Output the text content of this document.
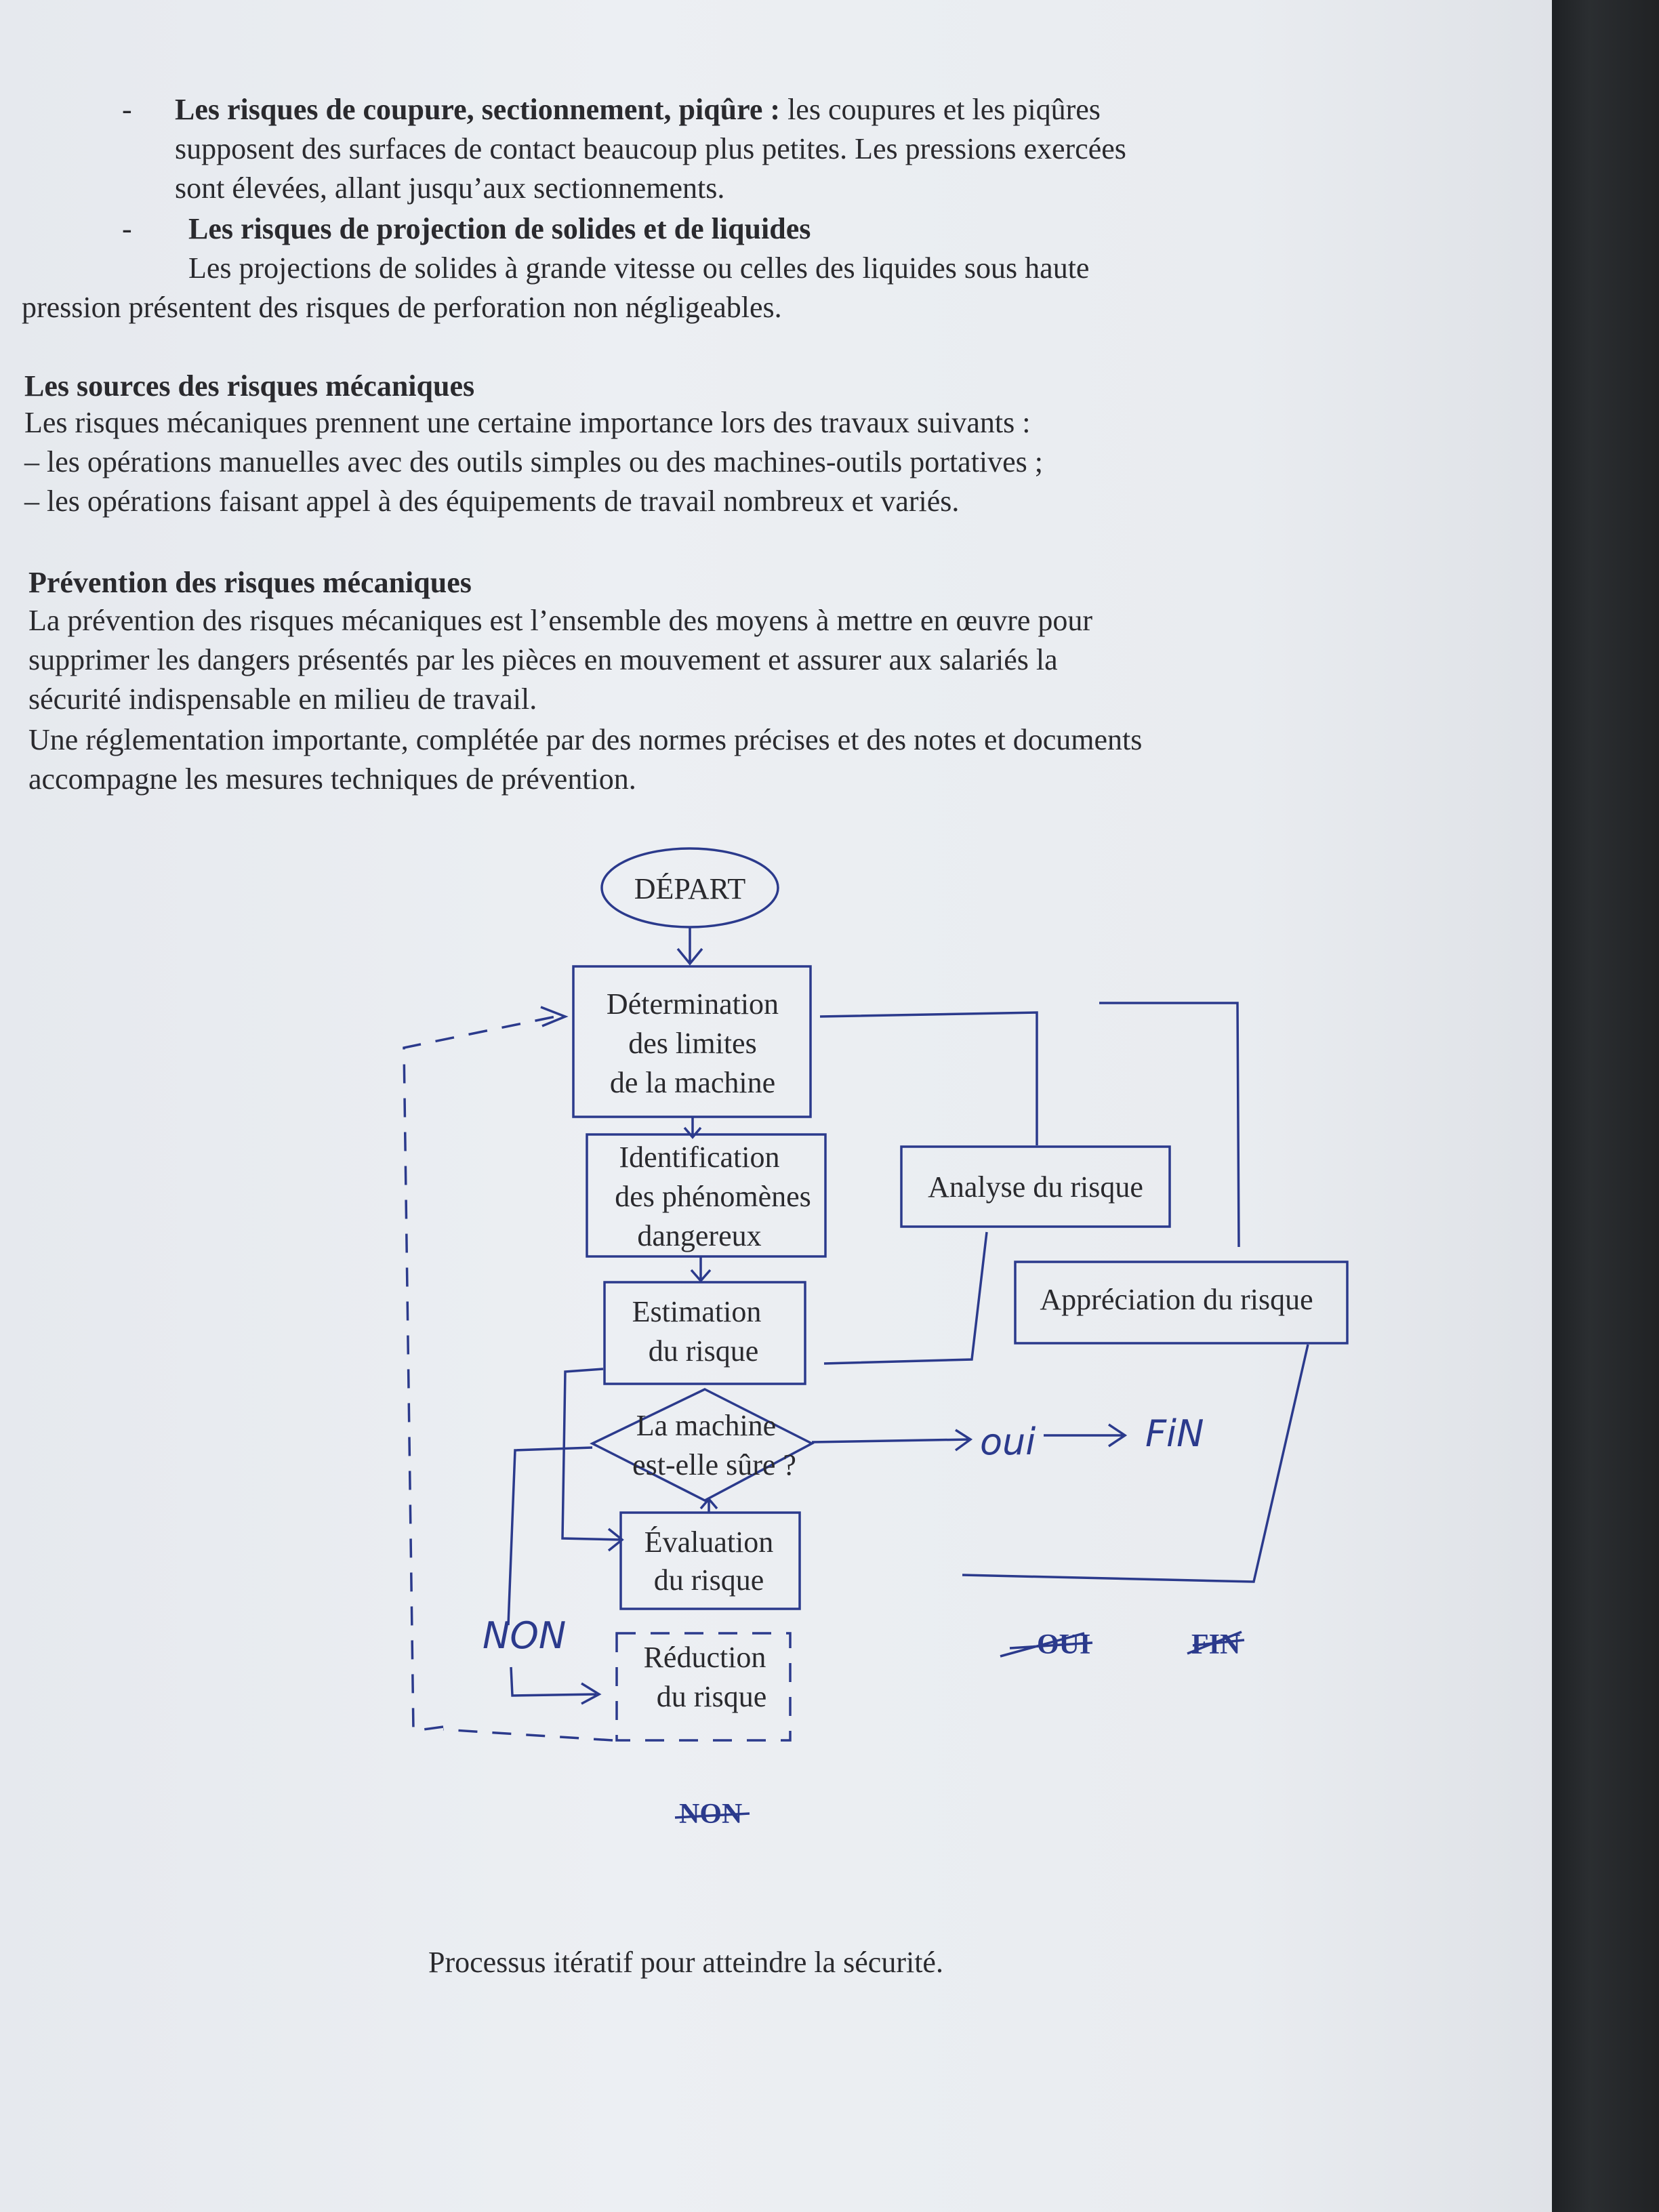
- Les risques de coupure, sectionnement, piqûre : les coupures et les piqûres
supposent des surfaces de contact beaucoup plus petites. Les pressions exercées
sont élevées, allant jusqu’aux sectionnements.
- Les risques de projection de solides et de liquides
Les projections de solides à grande vitesse ou celles des liquides sous haute
pression présentent des risques de perforation non négligeables.
Les sources des risques mécaniques
Les risques mécaniques prennent une certaine importance lors des travaux suivants :
– les opérations manuelles avec des outils simples ou des machines-outils portatives ;
– les opérations faisant appel à des équipements de travail nombreux et variés.
Prévention des risques mécaniques
La prévention des risques mécaniques est l’ensemble des moyens à mettre en œuvre pour
supprimer les dangers présentés par les pièces en mouvement et assurer aux salariés la
sécurité indispensable en milieu de travail.
Une réglementation importante, complétée par des normes précises et des notes et documents
accompagne les mesures techniques de prévention.
DÉPART
Détermination
des limites
de la machine
Identification
des phénomènes
dangereux
Estimation
du risque
La machine
est-elle sûre ?
Évaluation
du risque
Réduction
du risque
Analyse du risque
Appréciation du risque
NON
oui	FiN
OUI	FIN
NON
Processus itératif pour atteindre la sécurité.
